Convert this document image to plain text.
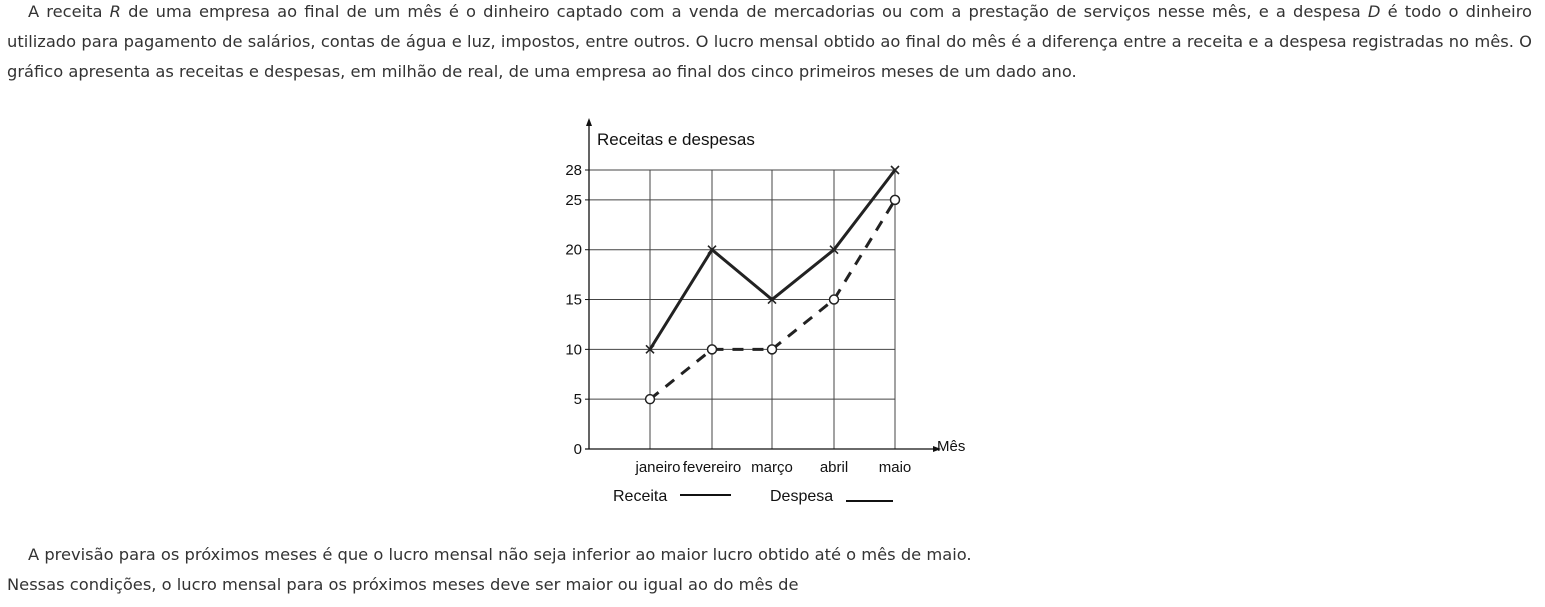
A receita R de uma empresa ao final de um mês é o dinheiro captado com a venda de mercadorias ou com a prestação de serviços nesse mês, e a despesa D é todo o dinheiro utilizado para pagamento de salários, contas de água e luz, impostos, entre outros. O lucro mensal obtido ao final do mês é a diferença entre a receita e a despesa registradas no mês. O gráfico apresenta as receitas e despesas, em milhão de real, de uma empresa ao final dos cinco primeiros meses de um dado ano.

Receitas e despesas
Mês
0
5
10
15
20
25
28
janeiro fevereiro março abril maio
Receita	Despesa

A previsão para os próximos meses é que o lucro mensal não seja inferior ao maior lucro obtido até o mês de maio.

Nessas condições, o lucro mensal para os próximos meses deve ser maior ou igual ao do mês de
